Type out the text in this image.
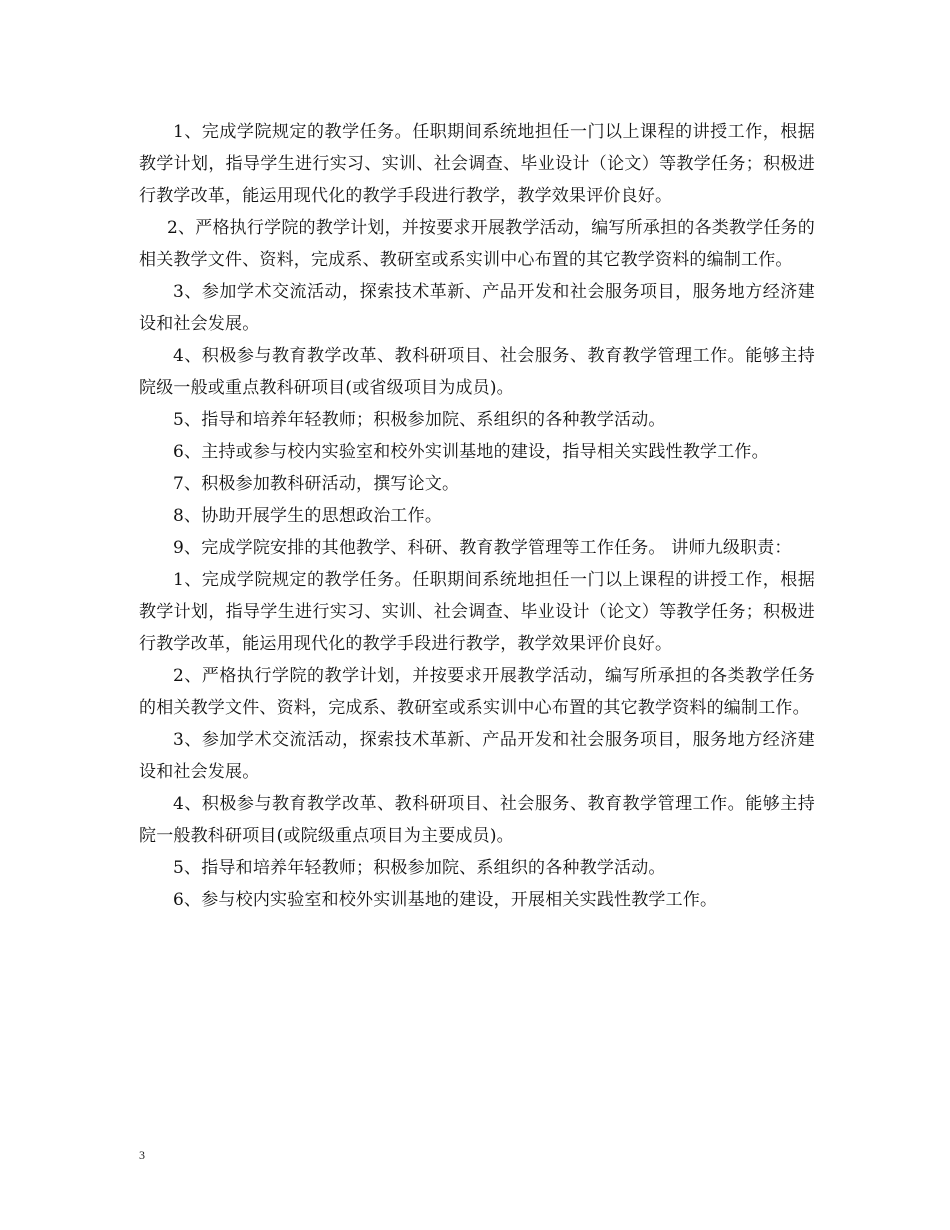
1、完成学院规定的教学任务。任职期间系统地担任一门以上课程的讲授工作，根据教学计划，指导学生进行实习、实训、社会调查、毕业设计（论文）等教学任务；积极进行教学改革，能运用现代化的教学手段进行教学，教学效果评价良好。

2、严格执行学院的教学计划，并按要求开展教学活动，编写所承担的各类教学任务的相关教学文件、资料，完成系、教研室或系实训中心布置的其它教学资料的编制工作。

3、参加学术交流活动，探索技术革新、产品开发和社会服务项目，服务地方经济建设和社会发展。

4、积极参与教育教学改革、教科研项目、社会服务、教育教学管理工作。能够主持院级一般或重点教科研项目(或省级项目为成员)。

5、指导和培养年轻教师；积极参加院、系组织的各种教学活动。

6、主持或参与校内实验室和校外实训基地的建设，指导相关实践性教学工作。

7、积极参加教科研活动，撰写论文。

8、协助开展学生的思想政治工作。

9、完成学院安排的其他教学、科研、教育教学管理等工作任务。 讲师九级职责：

1、完成学院规定的教学任务。任职期间系统地担任一门以上课程的讲授工作，根据教学计划，指导学生进行实习、实训、社会调查、毕业设计（论文）等教学任务；积极进行教学改革，能运用现代化的教学手段进行教学，教学效果评价良好。

2、严格执行学院的教学计划，并按要求开展教学活动，编写所承担的各类教学任务的相关教学文件、资料，完成系、教研室或系实训中心布置的其它教学资料的编制工作。

3、参加学术交流活动，探索技术革新、产品开发和社会服务项目，服务地方经济建设和社会发展。

4、积极参与教育教学改革、教科研项目、社会服务、教育教学管理工作。能够主持院一般教科研项目(或院级重点项目为主要成员)。

5、指导和培养年轻教师；积极参加院、系组织的各种教学活动。

6、参与校内实验室和校外实训基地的建设，开展相关实践性教学工作。

3
